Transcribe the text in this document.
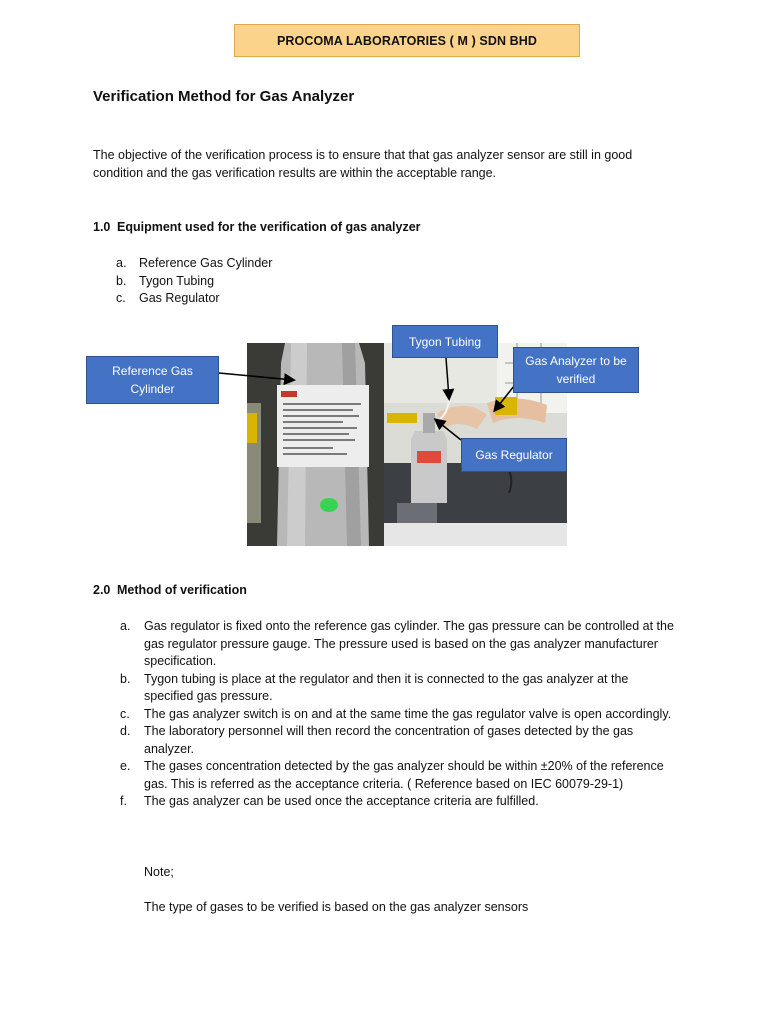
PROCOMA LABORATORIES ( M ) SDN BHD
Verification Method for Gas Analyzer

The objective of the verification process is to ensure that that gas analyzer sensor are still in good condition and the gas verification results are within the acceptable range.

1.0 Equipment used for the verification of gas analyzer

a. Reference Gas Cylinder
b. Tygon Tubing
c. Gas Regulator
Reference Gas Cylinder
Tygon Tubing
Gas Analyzer to be verified
Gas Regulator

2.0 Method of verification

a. Gas regulator is fixed onto the reference gas cylinder. The gas pressure can be controlled at the gas regulator pressure gauge. The pressure used is based on the gas analyzer manufacturer specification.
b. Tygon tubing is place at the regulator and then it is connected to the gas analyzer at the specified gas pressure.
c. The gas analyzer switch is on and at the same time the gas regulator valve is open accordingly.
d. The laboratory personnel will then record the concentration of gases detected by the gas analyzer.
e. The gases concentration detected by the gas analyzer should be within ±20% of the reference gas. This is referred as the acceptance criteria. ( Reference based on IEC 60079-29-1)
f. The gas analyzer can be used once the acceptance criteria are fulfilled.

Note;

The type of gases to be verified is based on the gas analyzer sensors
